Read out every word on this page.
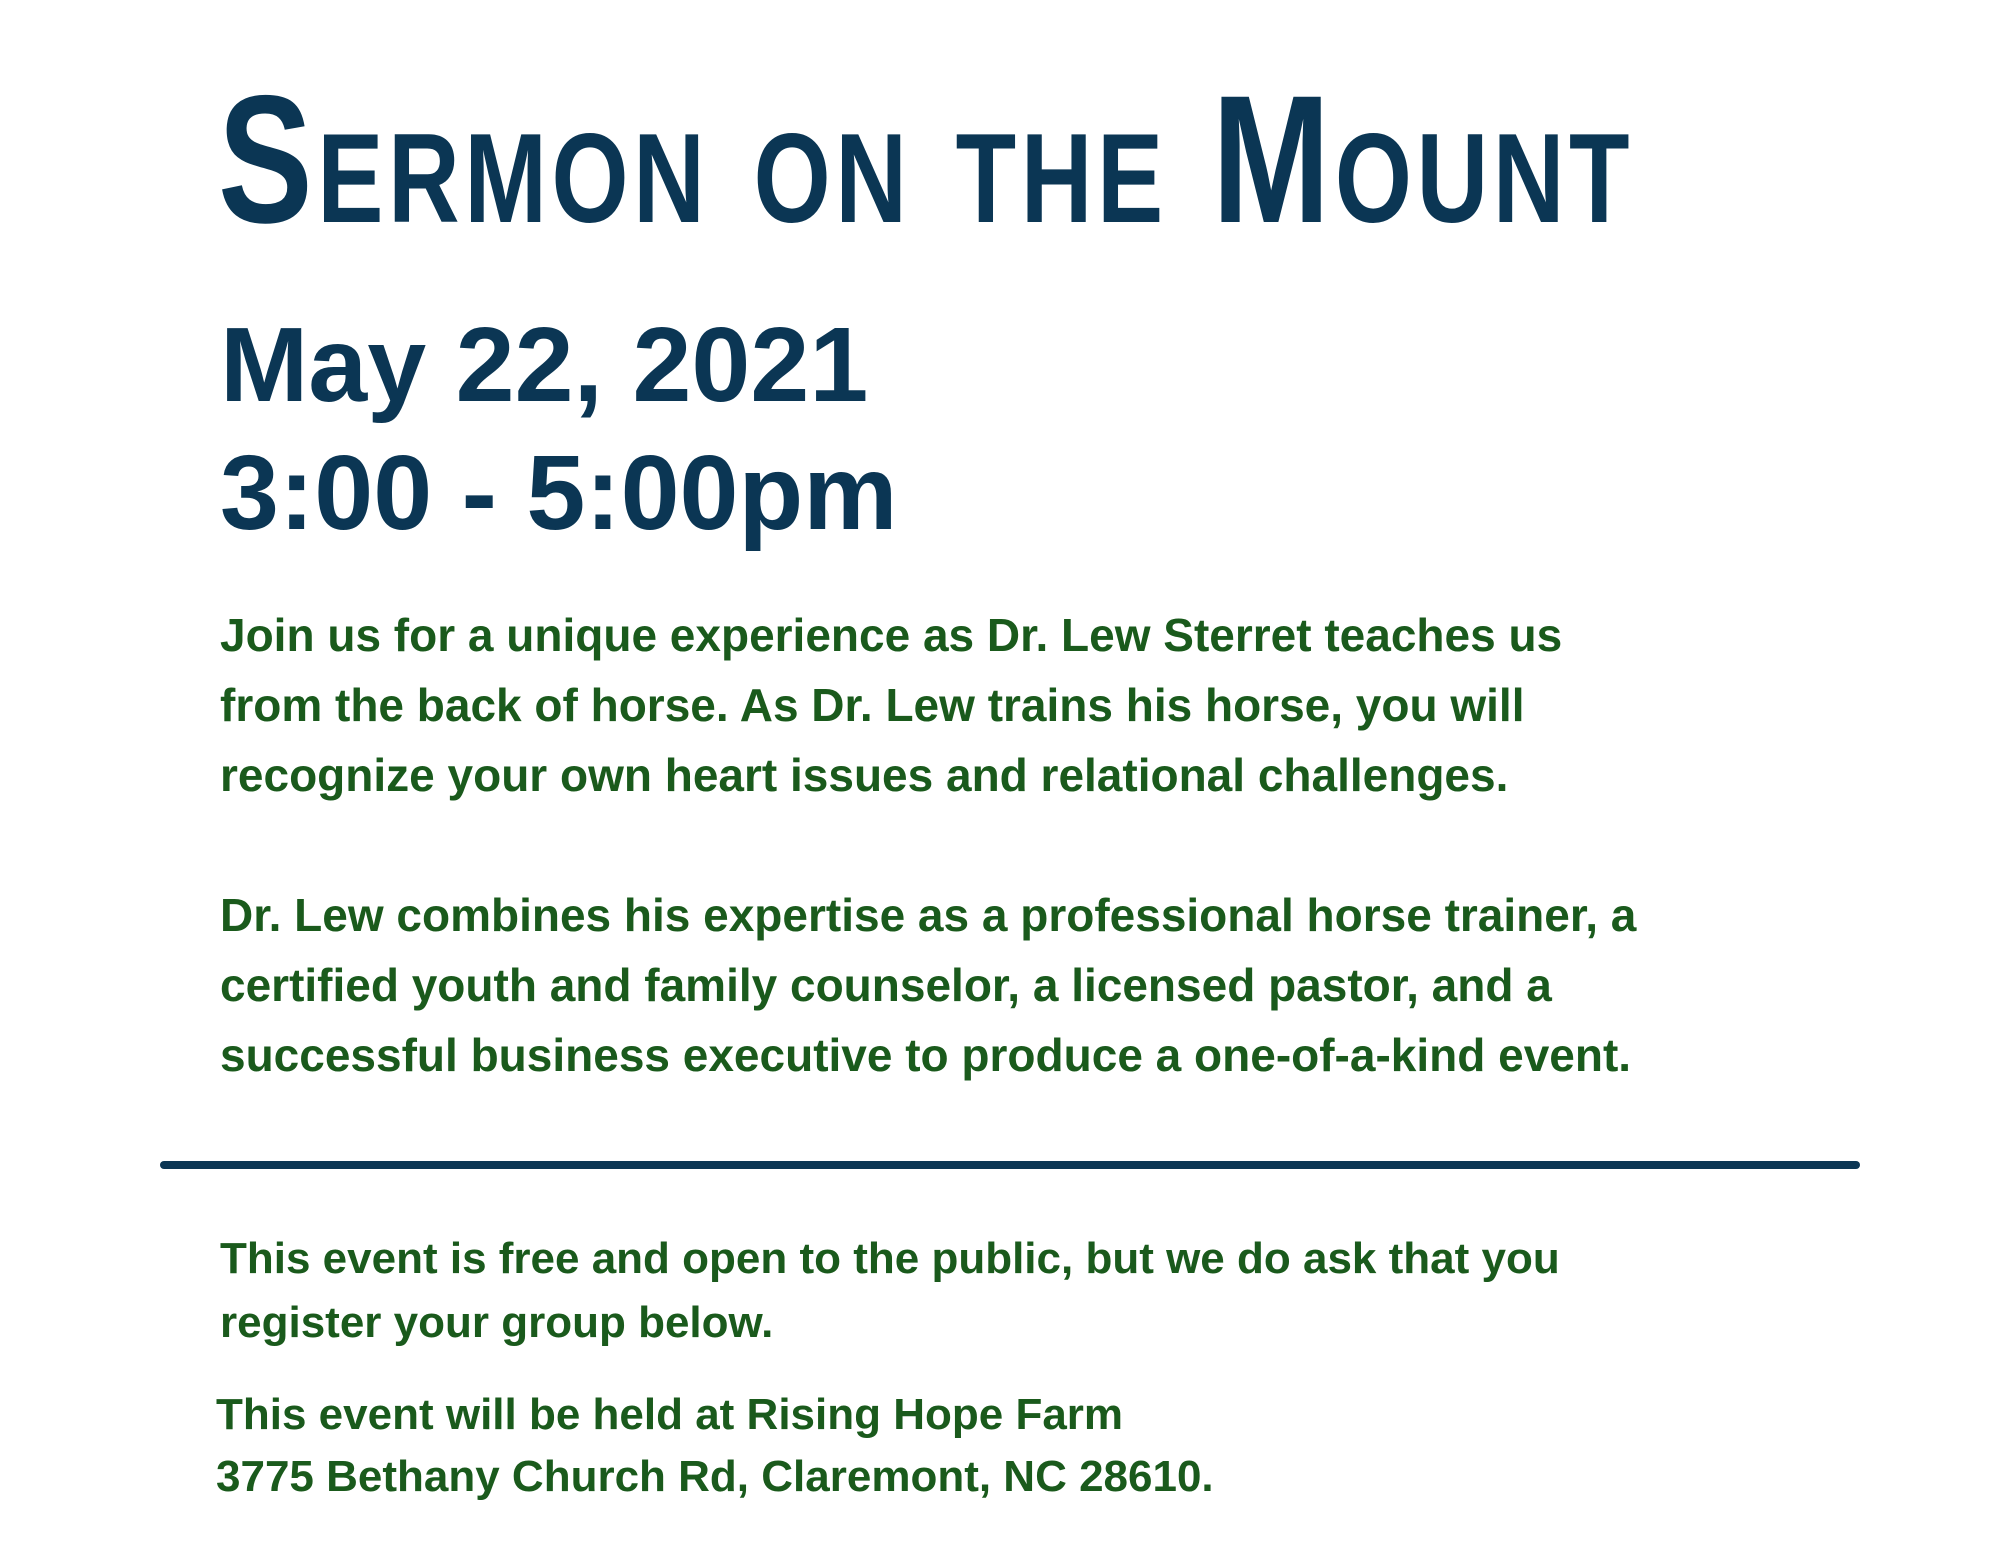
Sermon on the Mount
May 22, 2021
3:00 - 5:00pm

Join us for a unique experience as Dr. Lew Sterret teaches us

from the back of horse. As Dr. Lew trains his horse, you will

recognize your own heart issues and relational challenges.

Dr. Lew combines his expertise as a professional horse trainer, a

certified youth and family counselor, a licensed pastor, and a

successful business executive to produce a one-of-a-kind event.

This event is free and open to the public, but we do ask that you

register your group below.

This event will be held at Rising Hope Farm

3775 Bethany Church Rd, Claremont, NC 28610.
